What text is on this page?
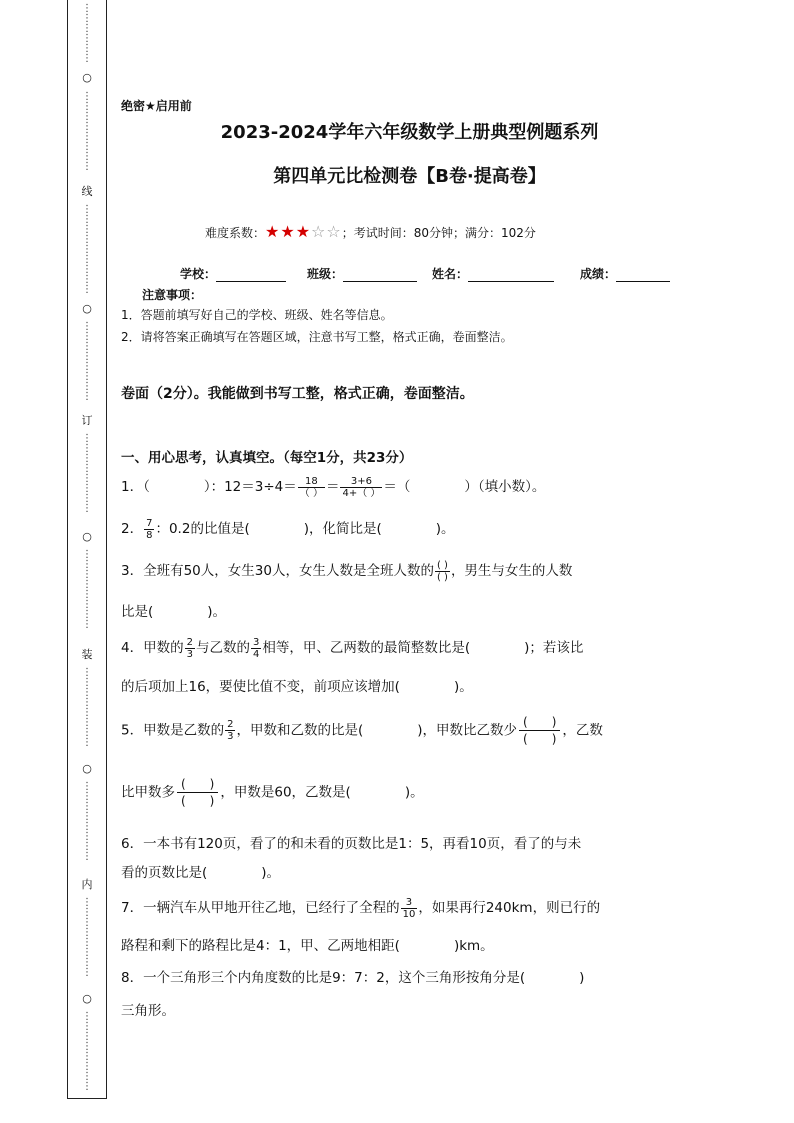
⋮
⋮
⋮
⋮
⋮
⋮
○
⋮
⋮
⋮
⋮
⋮
⋮
⋮
⋮
线
⋮
⋮
⋮
⋮
⋮
⋮
⋮
⋮
⋮
○
⋮
⋮
⋮
⋮
⋮
⋮
⋮
⋮
订
⋮
⋮
⋮
⋮
⋮
⋮
⋮
⋮
○
⋮
⋮
⋮
⋮
⋮
⋮
⋮
⋮
装
⋮
⋮
⋮
⋮
⋮
⋮
⋮
⋮
○
⋮
⋮
⋮
⋮
⋮
⋮
⋮
⋮
内
⋮
⋮
⋮
⋮
⋮
⋮
⋮
⋮
○
⋮
⋮
⋮
⋮
⋮
⋮
⋮
⋮
绝密★启用前
2023-2024学年六年级数学上册典型例题系列
第四单元比检测卷【B卷·提高卷】
难度系数：★★★☆☆；考试时间：80分钟；满分：102分
学校：	班级：	姓名：	成绩：
注意事项：
1．答题前填写好自己的学校、班级、姓名等信息。
2．请将答案正确填写在答题区域，注意书写工整，格式正确，卷面整洁。
卷面（2分）。我能做到书写工整，格式正确，卷面整洁。
一、用心思考，认真填空。（每空1分，共23分）
1．（　　　　）：$12=3\div 4= \frac{18}{( )} = \frac{3+6}{4+( )}$ ＝（　　　　）（填小数）。
2． $\frac{7}{8}$ ：0.2的比值是(　　　　)，化简比是(　　　　)。
3．全班有50人，女生30人，女生人数是全班人数的 $\frac{( )}{( )}$ ，男生与女生的人数
比是(　　　　)。
4．甲数的 $\frac{2}{3}$ 与乙数的 $\frac{3}{4}$ 相等，甲、乙两数的最简整数比是(　　　　)；若该比
的后项加上16，要使比值不变，前项应该增加(　　　　)。
5．甲数是乙数的 $\frac{2}{3}$ ，甲数和乙数的比是(　　　　)，甲数比乙数少
(　　)
(　　)
，乙数
比甲数多
(　　)
(　　)
，甲数是60，乙数是(　　　　)。
6．一本书有120页，看了的和未看的页数比是1：5，再看10页，看了的与未
看的页数比是(　　　　)。
7．一辆汽车从甲地开往乙地，已经行了全程的 $\frac{3}{10}$ ，如果再行240km，则已行的
路程和剩下的路程比是4：1，甲、乙两地相距(　　　　)km。
8．一个三角形三个内角度数的比是9：7：2，这个三角形按角分是(　　　　)
三角形。
